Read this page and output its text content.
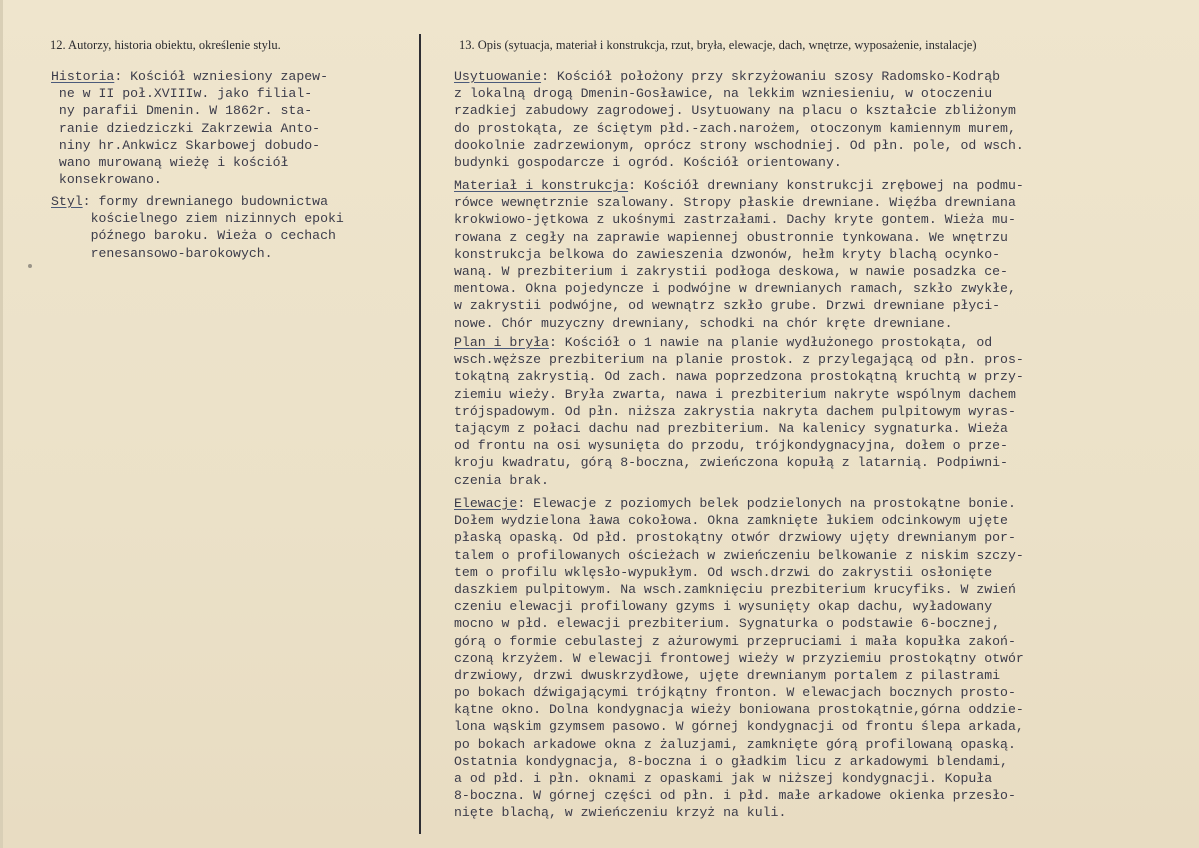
12. Autorzy, historia obiektu, określenie stylu.	13. Opis (sytuacja, materiał i konstrukcja, rzut, bryła, elewacje, dach, wnętrze, wyposażenie, instalacje)
Historia: Kościół wzniesiony zapew-
ne w II poł.XVIIIw. jako filial-
ny parafii Dmenin. W 1862r. sta-
ranie dziedziczki Zakrzewia Anto-
niny hr.Ankwicz Skarbowej dobudo-
wano murowaną wieżę i kościół
konsekrowano.
Styl: formy drewnianego budownictwa
kościelnego ziem nizinnych epoki
późnego baroku. Wieża o cechach
renesansowo-barokowych.
Usytuowanie: Kościół położony przy skrzyżowaniu szosy Radomsko-Kodrąb
z lokalną drogą Dmenin-Gosławice, na lekkim wzniesieniu, w otoczeniu
rzadkiej zabudowy zagrodowej. Usytuowany na placu o kształcie zbliżonym
do prostokąta, ze ściętym płd.-zach.narożem, otoczonym kamiennym murem,
dookolnie zadrzewionym, oprócz strony wschodniej. Od płn. pole, od wsch.
budynki gospodarcze i ogród. Kościół orientowany.
Materiał i konstrukcja: Kościół drewniany konstrukcji zrębowej na podmu-
rówce wewnętrznie szalowany. Stropy płaskie drewniane. Więźba drewniana
krokwiowo-jętkowa z ukośnymi zastrzałami. Dachy kryte gontem. Wieża mu-
rowana z cegły na zaprawie wapiennej obustronnie tynkowana. We wnętrzu
konstrukcja belkowa do zawieszenia dzwonów, hełm kryty blachą ocynko-
waną. W prezbiterium i zakrystii podłoga deskowa, w nawie posadzka ce-
mentowa. Okna pojedyncze i podwójne w drewnianych ramach, szkło zwykłe,
w zakrystii podwójne, od wewnątrz szkło grube. Drzwi drewniane płyci-
nowe. Chór muzyczny drewniany, schodki na chór kręte drewniane.
Plan i bryła: Kościół o 1 nawie na planie wydłużonego prostokąta, od
wsch.węższe prezbiterium na planie prostok. z przylegającą od płn. pros-
tokątną zakrystią. Od zach. nawa poprzedzona prostokątną kruchtą w przy-
ziemiu wieży. Bryła zwarta, nawa i prezbiterium nakryte wspólnym dachem
trójspadowym. Od płn. niższa zakrystia nakryta dachem pulpitowym wyras-
tającym z połaci dachu nad prezbiterium. Na kalenicy sygnaturka. Wieża
od frontu na osi wysunięta do przodu, trójkondygnacyjna, dołem o prze-
kroju kwadratu, górą 8-boczna, zwieńczona kopułą z latarnią. Podpiwni-
czenia brak.
Elewacje: Elewacje z poziomych belek podzielonych na prostokątne bonie.
Dołem wydzielona ława cokołowa. Okna zamknięte łukiem odcinkowym ujęte
płaską opaską. Od płd. prostokątny otwór drzwiowy ujęty drewnianym por-
talem o profilowanych ościeżach w zwieńczeniu belkowanie z niskim szczy-
tem o profilu wklęsło-wypukłym. Od wsch.drzwi do zakrystii osłonięte
daszkiem pulpitowym. Na wsch.zamknięciu prezbiterium krucyfiks. W zwień
czeniu elewacji profilowany gzyms i wysunięty okap dachu, wyładowany
mocno w płd. elewacji prezbiterium. Sygnaturka o podstawie 6-bocznej,
górą o formie cebulastej z ażurowymi przepruciami i mała kopułka zakoń-
czoną krzyżem. W elewacji frontowej wieży w przyziemiu prostokątny otwór
drzwiowy, drzwi dwuskrzydłowe, ujęte drewnianym portalem z pilastrami
po bokach dźwigającymi trójkątny fronton. W elewacjach bocznych prosto-
kątne okno. Dolna kondygnacja wieży boniowana prostokątnie,górna oddzie-
lona wąskim gzymsem pasowo. W górnej kondygnacji od frontu ślepa arkada,
po bokach arkadowe okna z żaluzjami, zamknięte górą profilowaną opaską.
Ostatnia kondygnacja, 8-boczna i o gładkim licu z arkadowymi blendami,
a od płd. i płn. oknami z opaskami jak w niższej kondygnacji. Kopuła
8-boczna. W górnej części od płn. i płd. małe arkadowe okienka przesło-
nięte blachą, w zwieńczeniu krzyż na kuli.
